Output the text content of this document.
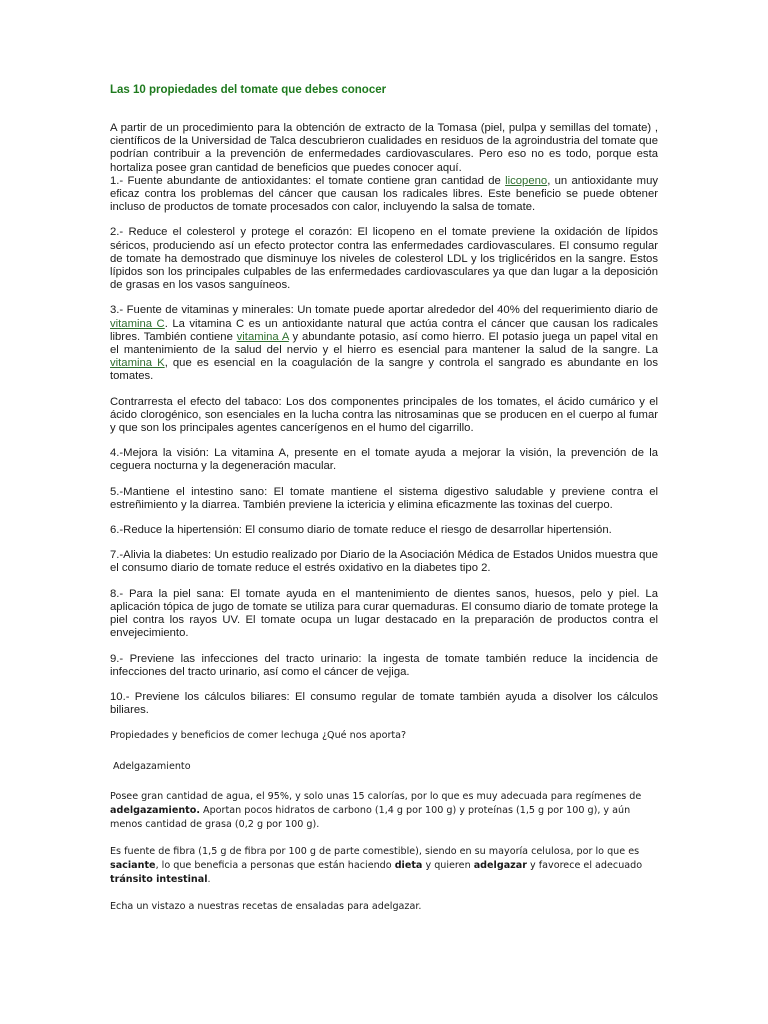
Las 10 propiedades del tomate que debes conocer

A partir de un procedimiento para la obtención de extracto de la Tomasa (piel, pulpa y semillas del tomate) , científicos de la Universidad de Talca descubrieron cualidades en residuos de la agroindustria del tomate que podrían contribuir a la prevención de enfermedades cardiovasculares. Pero eso no es todo, porque esta hortaliza posee gran cantidad de beneficios que puedes conocer aquí.

1.- Fuente abundante de antioxidantes: el tomate contiene gran cantidad de licopeno, un antioxidante muy eficaz contra los problemas del cáncer que causan los radicales libres. Este beneficio se puede obtener incluso de productos de tomate procesados con calor, incluyendo la salsa de tomate.

2.- Reduce el colesterol y protege el corazón: El licopeno en el tomate previene la oxidación de lípidos séricos, produciendo así un efecto protector contra las enfermedades cardiovasculares. El consumo regular de tomate ha demostrado que disminuye los niveles de colesterol LDL y los triglicéridos en la sangre. Estos lípidos son los principales culpables de las enfermedades cardiovasculares ya que dan lugar a la deposición de grasas en los vasos sanguíneos.

3.- Fuente de vitaminas y minerales: Un tomate puede aportar alrededor del 40% del requerimiento diario de vitamina C. La vitamina C es un antioxidante natural que actúa contra el cáncer que causan los radicales libres. También contiene vitamina A y abundante potasio, así como hierro. El potasio juega un papel vital en el mantenimiento de la salud del nervio y el hierro es esencial para mantener la salud de la sangre. La vitamina K, que es esencial en la coagulación de la sangre y controla el sangrado es abundante en los tomates.

Contrarresta el efecto del tabaco: Los dos componentes principales de los tomates, el ácido cumárico y el ácido clorogénico, son esenciales en la lucha contra las nitrosaminas que se producen en el cuerpo al fumar y que son los principales agentes cancerígenos en el humo del cigarrillo.

4.-Mejora la visión: La vitamina A, presente en el tomate ayuda a mejorar la visión, la prevención de la ceguera nocturna y la degeneración macular.

5.-Mantiene el intestino sano: El tomate mantiene el sistema digestivo saludable y previene contra el estreñimiento y la diarrea. También previene la ictericia y elimina eficazmente las toxinas del cuerpo.

6.-Reduce la hipertensión: El consumo diario de tomate reduce el riesgo de desarrollar hipertensión.

7.-Alivia la diabetes: Un estudio realizado por Diario de la Asociación Médica de Estados Unidos muestra que el consumo diario de tomate reduce el estrés oxidativo en la diabetes tipo 2.

8.- Para la piel sana: El tomate ayuda en el mantenimiento de dientes sanos, huesos, pelo y piel. La aplicación tópica de jugo de tomate se utiliza para curar quemaduras. El consumo diario de tomate protege la piel contra los rayos UV. El tomate ocupa un lugar destacado en la preparación de productos contra el envejecimiento.

9.- Previene las infecciones del tracto urinario: la ingesta de tomate también reduce la incidencia de infecciones del tracto urinario, así como el cáncer de vejiga.

10.- Previene los cálculos biliares: El consumo regular de tomate también ayuda a disolver los cálculos biliares.

Propiedades y beneficios de comer lechuga ¿Qué nos aporta?

Adelgazamiento

Posee gran cantidad de agua, el 95%, y solo unas 15 calorías, por lo que es muy adecuada para regímenes de adelgazamiento. Aportan pocos hidratos de carbono (1,4 g por 100 g) y proteínas (1,5 g por 100 g), y aún menos cantidad de grasa (0,2 g por 100 g).

Es fuente de fibra (1,5 g de fibra por 100 g de parte comestible), siendo en su mayoría celulosa, por lo que es saciante, lo que beneficia a personas que están haciendo dieta y quieren adelgazar y favorece el adecuado tránsito intestinal.

Echa un vistazo a nuestras recetas de ensaladas para adelgazar.
